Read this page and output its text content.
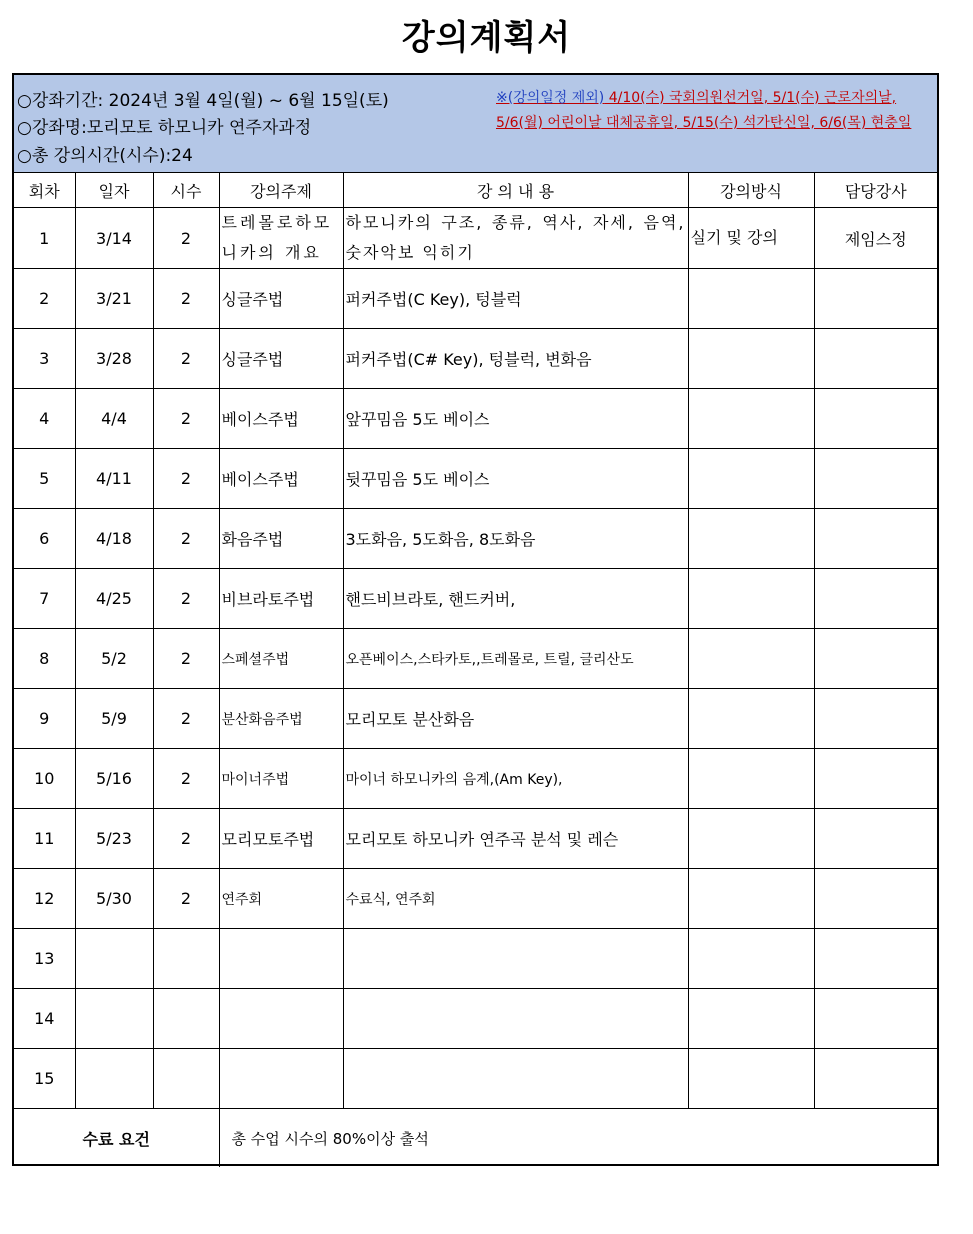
강의계획서
○강좌기간: 2024년 3월 4일(월) ~ 6월 15일(토)
○강좌명:모리모토 하모니카 연주자과정
○총 강의시간(시수):24
※(강의일정 제외) 4/10(수) 국회의원선거일, 5/1(수) 근로자의날, 5/6(월) 어린이날 대체공휴일, 5/15(수) 석가탄신일, 6/6(목) 현충일
회차	일자	시수	강의주제	강 의 내 용	강의방식	담당강사
1	3/14	2	트레몰로하모니카의 개요	하모니카의 구조, 종류, 역사, 자세, 음역, 숫자악보 익히기	실기 및 강의	제임스정
2	3/21	2	싱글주법	퍼커주법(C Key), 텅블럭		
3	3/28	2	싱글주법	퍼커주법(C# Key), 텅블럭, 변화음		
4	4/4	2	베이스주법	앞꾸밈음 5도 베이스		
5	4/11	2	베이스주법	뒷꾸밈음 5도 베이스		
6	4/18	2	화음주법	3도화음, 5도화음, 8도화음		
7	4/25	2	비브라토주법	핸드비브라토, 핸드커버,		
8	5/2	2	스페셜주법	오픈베이스,스타카토,,트레몰로, 트릴, 글리산도		
9	5/9	2	분산화음주법	모리모토 분산화음		
10	5/16	2	마이너주법	마이너 하모니카의 음계,(Am Key),		
11	5/23	2	모리모토주법	모리모토 하모니카 연주곡 분석 및 레슨		
12	5/30	2	연주회	수료식, 연주회		
13						
14						
15						
수료 요건			총 수업 시수의 80%이상 출석			
